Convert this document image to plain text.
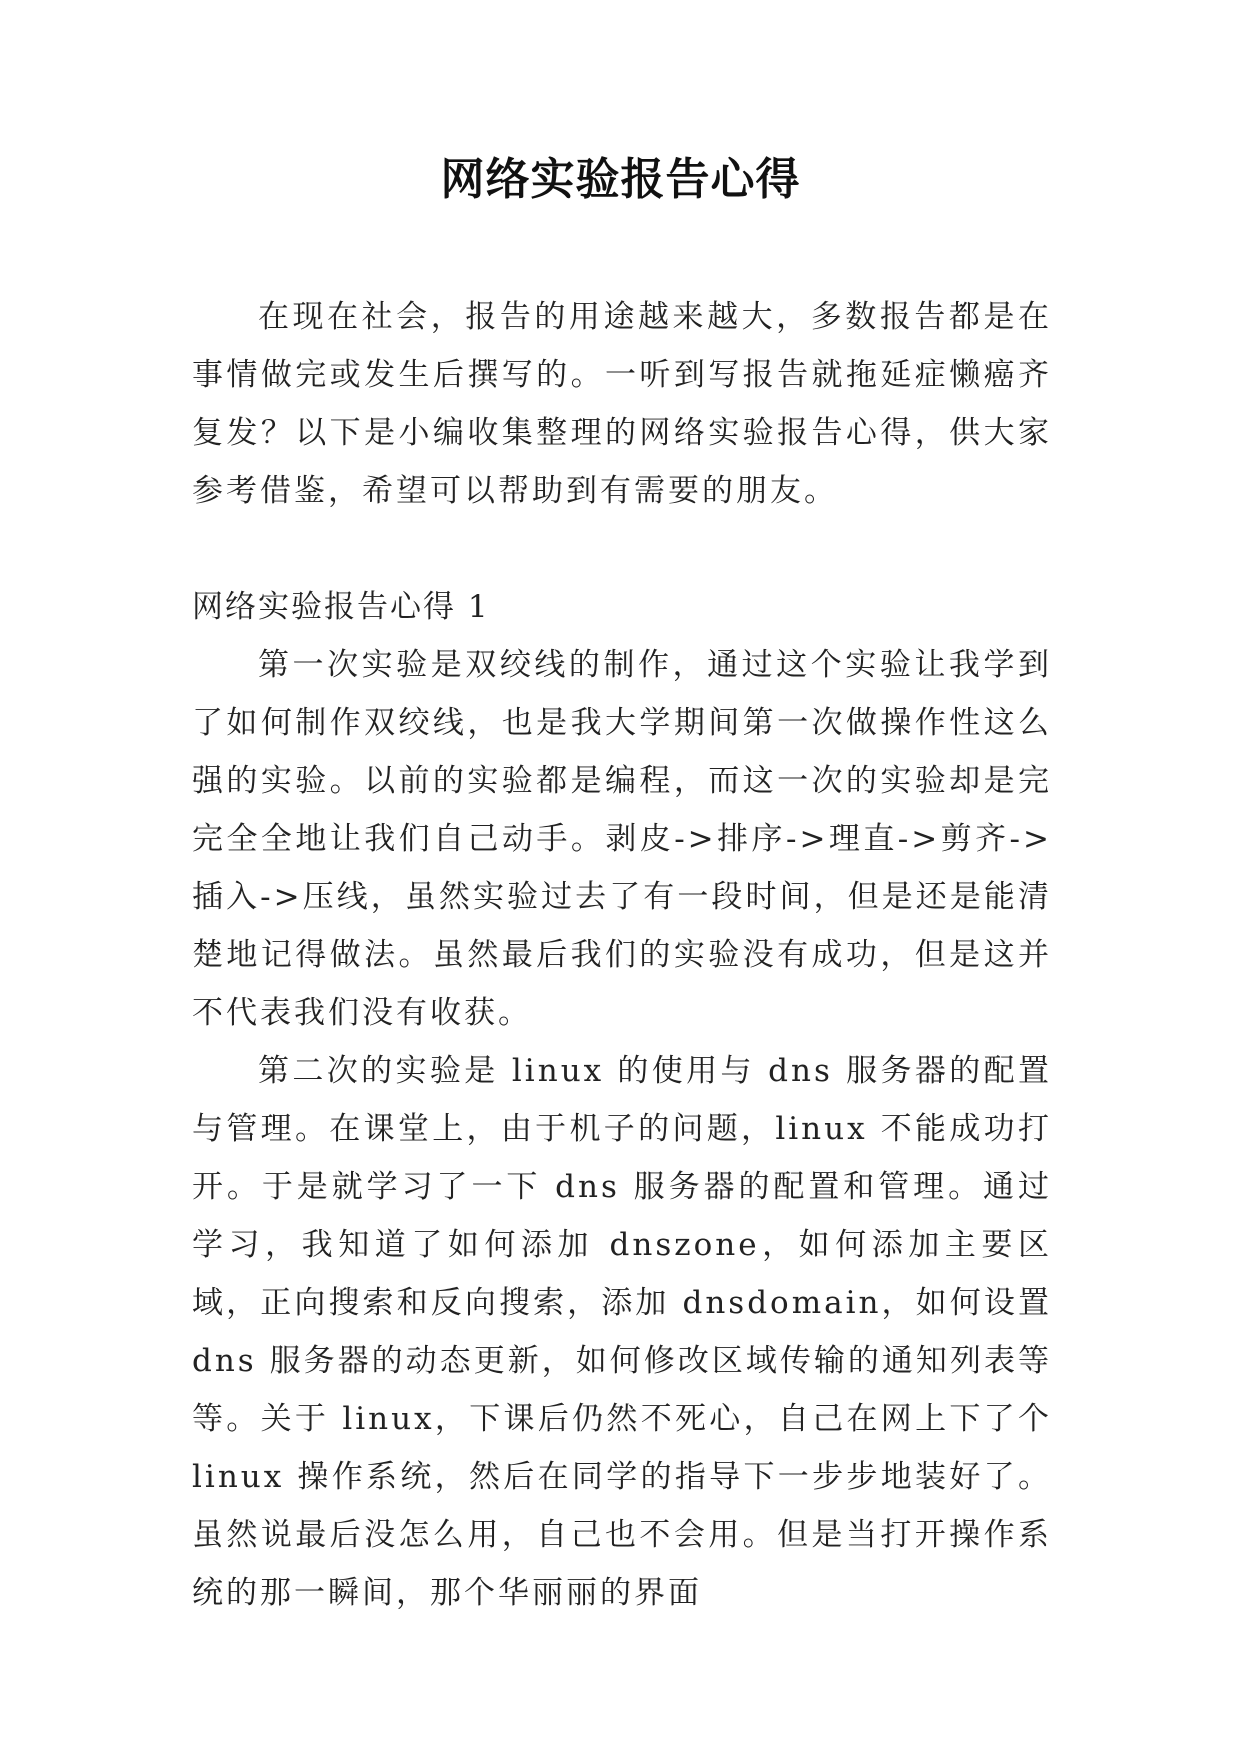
网络实验报告心得

在现在社会，报告的用途越来越大，多数报告都是在事情做完或发生后撰写的。一听到写报告就拖延症懒癌齐复发？以下是小编收集整理的网络实验报告心得，供大家参考借鉴，希望可以帮助到有需要的朋友。

网络实验报告心得 1

第一次实验是双绞线的制作，通过这个实验让我学到了如何制作双绞线，也是我大学期间第一次做操作性这么强的实验。以前的实验都是编程，而这一次的实验却是完完全全地让我们自己动手。剥皮->排序->理直->剪齐->插入->压线，虽然实验过去了有一段时间，但是还是能清楚地记得做法。虽然最后我们的实验没有成功，但是这并不代表我们没有收获。

第二次的实验是 linux 的使用与 dns 服务器的配置与管理。在课堂上，由于机子的问题，linux 不能成功打开。于是就学习了一下 dns 服务器的配置和管理。通过学习，我知道了如何添加 dnszone，如何添加主要区域，正向搜索和反向搜索，添加 dnsdomain，如何设置 dns 服务器的动态更新，如何修改区域传输的通知列表等等。关于 linux，下课后仍然不死心，自己在网上下了个 linux 操作系统，然后在同学的指导下一步步地装好了。虽然说最后没怎么用，自己也不会用。但是当打开操作系统的那一瞬间，那个华丽丽的界面
